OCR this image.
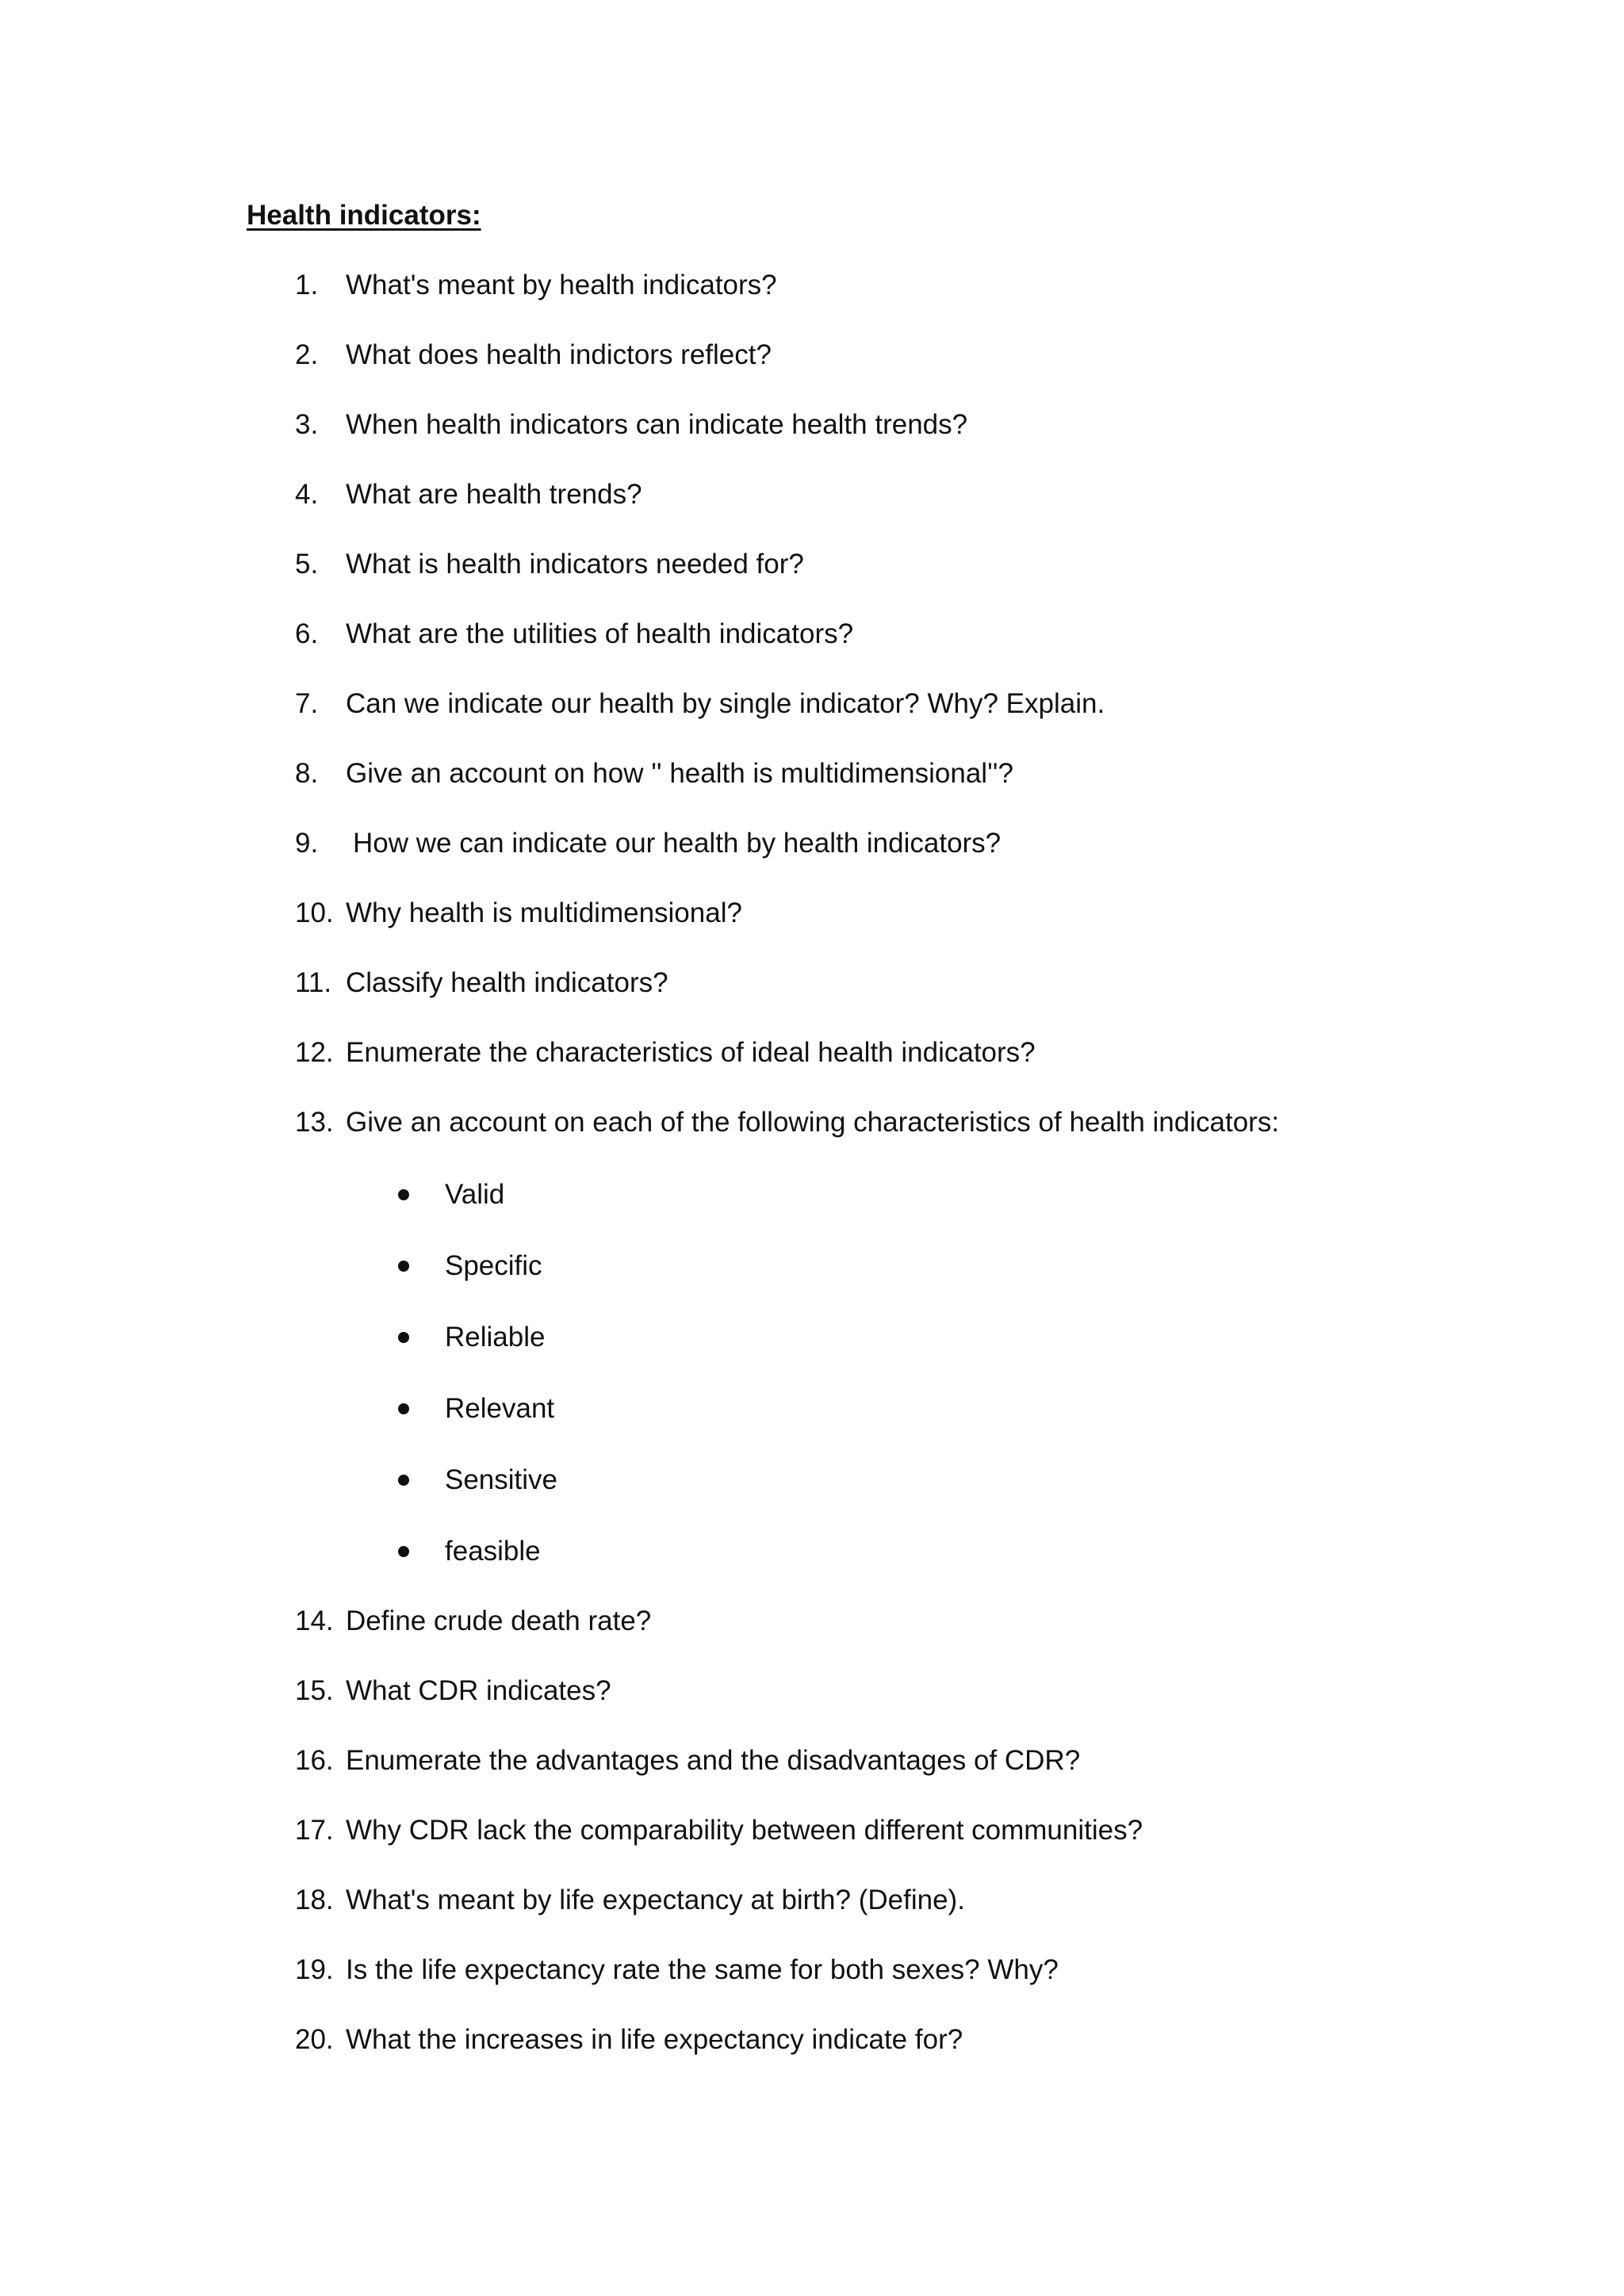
Health indicators:
1. What's meant by health indicators?
2. What does health indictors reflect?
3. When health indicators can indicate health trends?
4. What are health trends?
5. What is health indicators needed for?
6. What are the utilities of health indicators?
7. Can we indicate our health by single indicator? Why? Explain.
8. Give an account on how '' health is multidimensional''?
9. How we can indicate our health by health indicators?
10. Why health is multidimensional?
11. Classify health indicators?
12. Enumerate the characteristics of ideal health indicators?
13. Give an account on each of the following characteristics of health indicators:
Valid
Specific
Reliable
Relevant
Sensitive
feasible
14. Define crude death rate?
15. What CDR indicates?
16. Enumerate the advantages and the disadvantages of CDR?
17. Why CDR lack the comparability between different communities?
18. What's meant by life expectancy at birth? (Define).
19. Is the life expectancy rate the same for both sexes? Why?
20. What the increases in life expectancy indicate for?
